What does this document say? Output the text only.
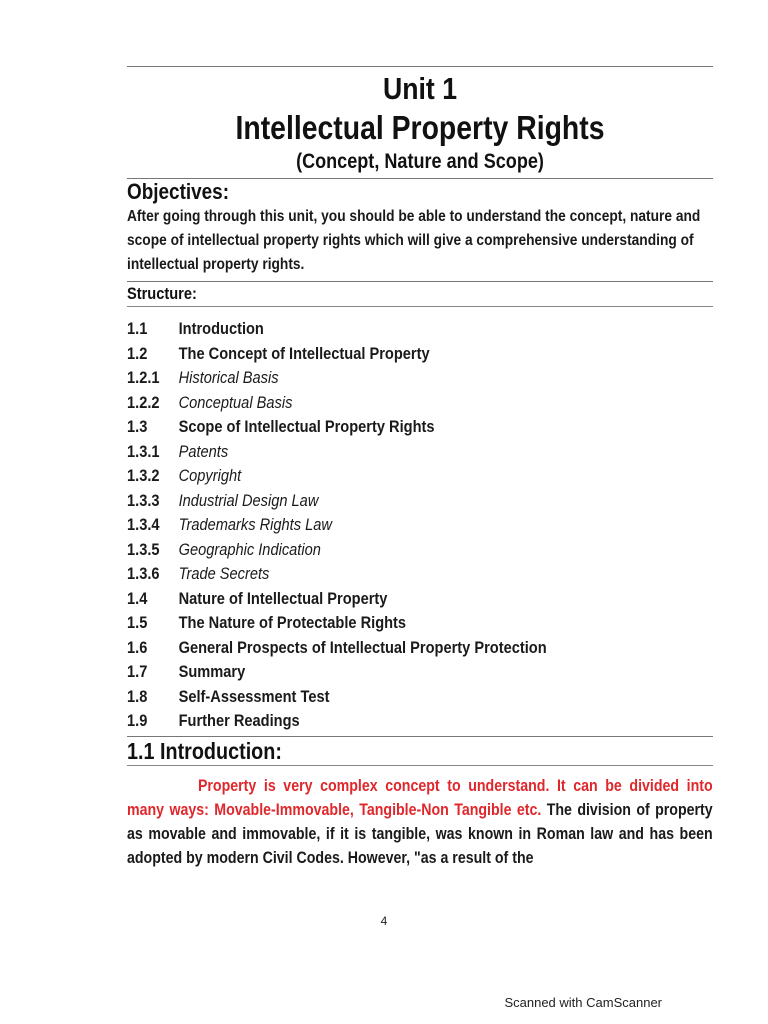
Unit 1
Intellectual Property Rights
(Concept, Nature and Scope)
Objectives:
After going through this unit, you should be able to understand the concept, nature and scope of intellectual property rights which will give a comprehensive understanding of intellectual property rights.
Structure:
1.1	Introduction
1.2	The Concept of Intellectual Property
1.2.1	Historical Basis
1.2.2	Conceptual Basis
1.3	Scope of Intellectual Property Rights
1.3.1	Patents
1.3.2	Copyright
1.3.3	Industrial Design Law
1.3.4	Trademarks Rights Law
1.3.5	Geographic Indication
1.3.6	Trade Secrets
1.4	Nature of Intellectual Property
1.5	The Nature of Protectable Rights
1.6	General Prospects of Intellectual Property Protection
1.7	Summary
1.8	Self-Assessment Test
1.9	Further Readings
1.1 Introduction:
     Property is very complex concept to understand. It can be divided into many ways: Movable-Immovable, Tangible-Non Tangible etc. The division of property as movable and immovable, if it is tangible, was known in Roman law and has been adopted by modern Civil Codes. However, "as a result of the
4
Scanned with CamScanner
